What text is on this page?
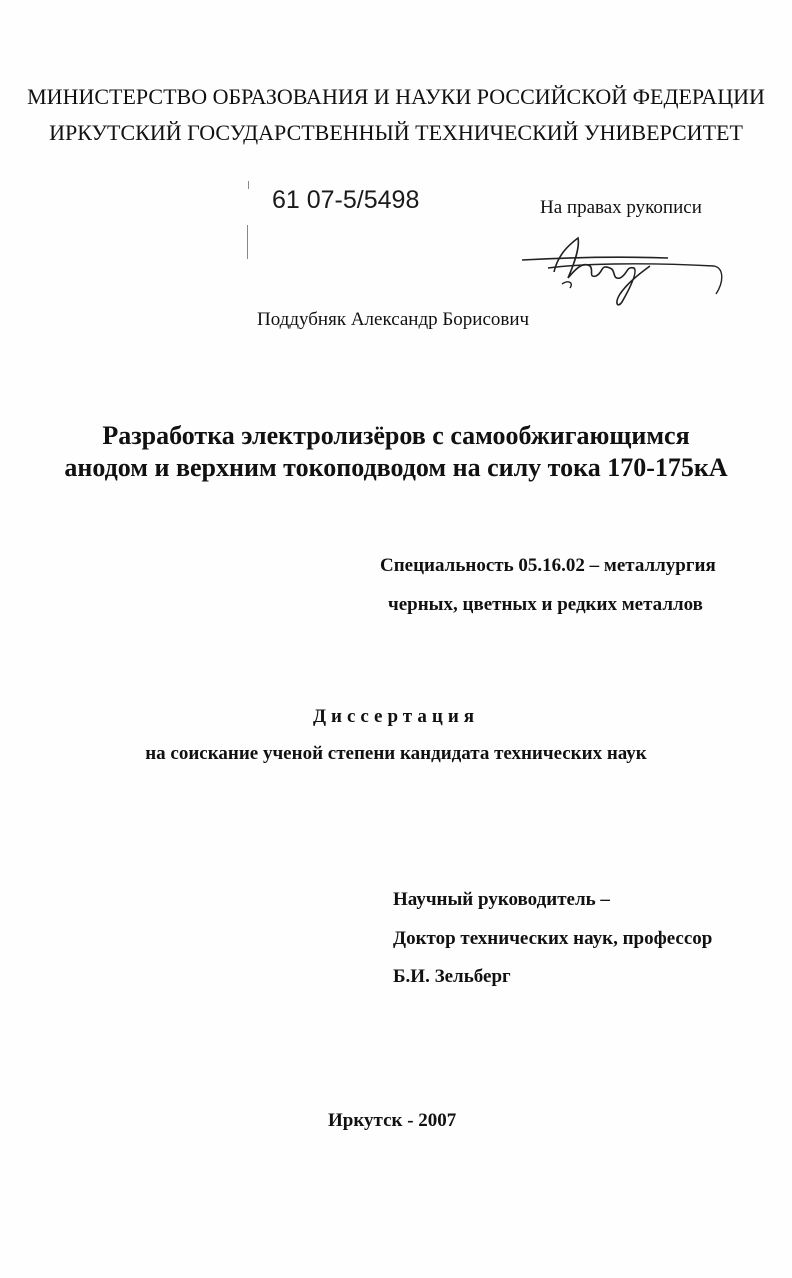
МИНИСТЕРСТВО ОБРАЗОВАНИЯ И НАУКИ РОССИЙСКОЙ ФЕДЕРАЦИИ
ИРКУТСКИЙ ГОСУДАРСТВЕННЫЙ ТЕХНИЧЕСКИЙ УНИВЕРСИТЕТ
61 07-5/5498	На правах рукописи
Поддубняк Александр Борисович
Разработка электролизёров с самообжигающимся
анодом и верхним токоподводом на силу тока 170-175кА
Специальность 05.16.02 – металлургия
черных, цветных и редких металлов
Диссертация
на соискание ученой степени кандидата технических наук
Научный руководитель –
Доктор технических наук, профессор
Б.И. Зельберг
Иркутск - 2007
